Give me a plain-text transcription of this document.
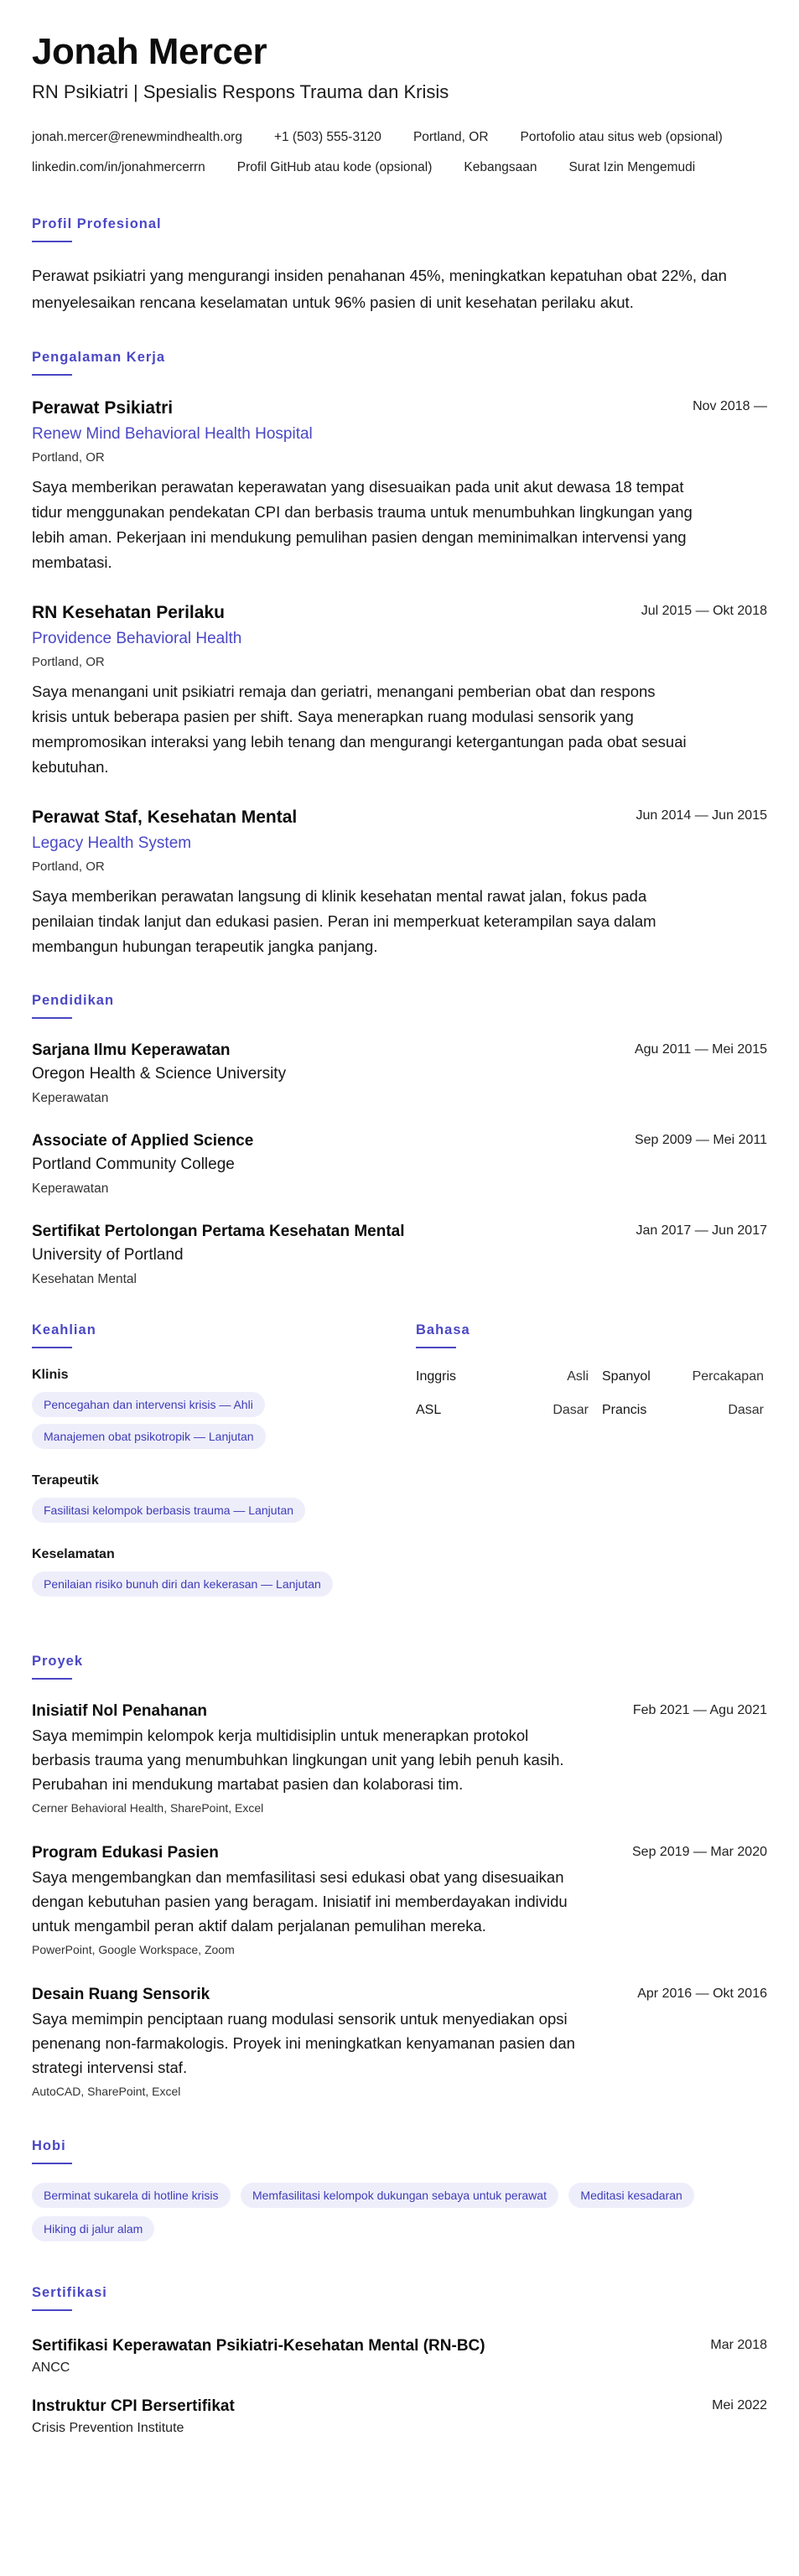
Jonah Mercer
RN Psikiatri | Spesialis Respons Trauma dan Krisis
jonah.mercer@renewmindhealth.org +1 (503) 555-3120 Portland, OR Portofolio atau situs web (opsional)
linkedin.com/in/jonahmercerrn Profil GitHub atau kode (opsional) Kebangsaan Surat Izin Mengemudi
Profil Profesional

Perawat psikiatri yang mengurangi insiden penahanan 45%, meningkatkan kepatuhan obat 22%, dan menyelesaikan rencana keselamatan untuk 96% pasien di unit kesehatan perilaku akut.

Pengalaman Kerja
Perawat Psikiatri	Nov 2018 —
Renew Mind Behavioral Health Hospital
Portland, OR

Saya memberikan perawatan keperawatan yang disesuaikan pada unit akut dewasa 18 tempat tidur menggunakan pendekatan CPI dan berbasis trauma untuk menumbuhkan lingkungan yang lebih aman. Pekerjaan ini mendukung pemulihan pasien dengan meminimalkan intervensi yang membatasi.

RN Kesehatan Perilaku	Jul 2015 — Okt 2018
Providence Behavioral Health
Portland, OR

Saya menangani unit psikiatri remaja dan geriatri, menangani pemberian obat dan respons krisis untuk beberapa pasien per shift. Saya menerapkan ruang modulasi sensorik yang mempromosikan interaksi yang lebih tenang dan mengurangi ketergantungan pada obat sesuai kebutuhan.

Perawat Staf, Kesehatan Mental	Jun 2014 — Jun 2015
Legacy Health System
Portland, OR

Saya memberikan perawatan langsung di klinik kesehatan mental rawat jalan, fokus pada penilaian tindak lanjut dan edukasi pasien. Peran ini memperkuat keterampilan saya dalam membangun hubungan terapeutik jangka panjang.

Pendidikan
Sarjana Ilmu Keperawatan	Agu 2011 — Mei 2015
Oregon Health & Science University
Keperawatan
Associate of Applied Science	Sep 2009 — Mei 2011
Portland Community College
Keperawatan
Sertifikat Pertolongan Pertama Kesehatan Mental	Jan 2017 — Jun 2017
University of Portland
Kesehatan Mental
Keahlian
Klinis
Pencegahan dan intervensi krisis — Ahli
Manajemen obat psikotropik — Lanjutan
Terapeutik
Fasilitasi kelompok berbasis trauma — Lanjutan
Keselamatan
Penilaian risiko bunuh diri dan kekerasan — Lanjutan
Bahasa
Inggris	Asli	Spanyol	Percakapan
ASL	Dasar	Prancis	Dasar
Proyek
Inisiatif Nol Penahanan	Feb 2021 — Agu 2021

Saya memimpin kelompok kerja multidisiplin untuk menerapkan protokol berbasis trauma yang menumbuhkan lingkungan unit yang lebih penuh kasih. Perubahan ini mendukung martabat pasien dan kolaborasi tim.

Cerner Behavioral Health, SharePoint, Excel
Program Edukasi Pasien	Sep 2019 — Mar 2020

Saya mengembangkan dan memfasilitasi sesi edukasi obat yang disesuaikan dengan kebutuhan pasien yang beragam. Inisiatif ini memberdayakan individu untuk mengambil peran aktif dalam perjalanan pemulihan mereka.

PowerPoint, Google Workspace, Zoom
Desain Ruang Sensorik	Apr 2016 — Okt 2016

Saya memimpin penciptaan ruang modulasi sensorik untuk menyediakan opsi penenang non-farmakologis. Proyek ini meningkatkan kenyamanan pasien dan strategi intervensi staf.

AutoCAD, SharePoint, Excel
Hobi
Berminat sukarela di hotline krisis	Memfasilitasi kelompok dukungan sebaya untuk perawat	Meditasi kesadaran Hiking di jalur alam
Sertifikasi
Sertifikasi Keperawatan Psikiatri-Kesehatan Mental (RN-BC)	Mar 2018
ANCC
Instruktur CPI Bersertifikat	Mei 2022
Crisis Prevention Institute
